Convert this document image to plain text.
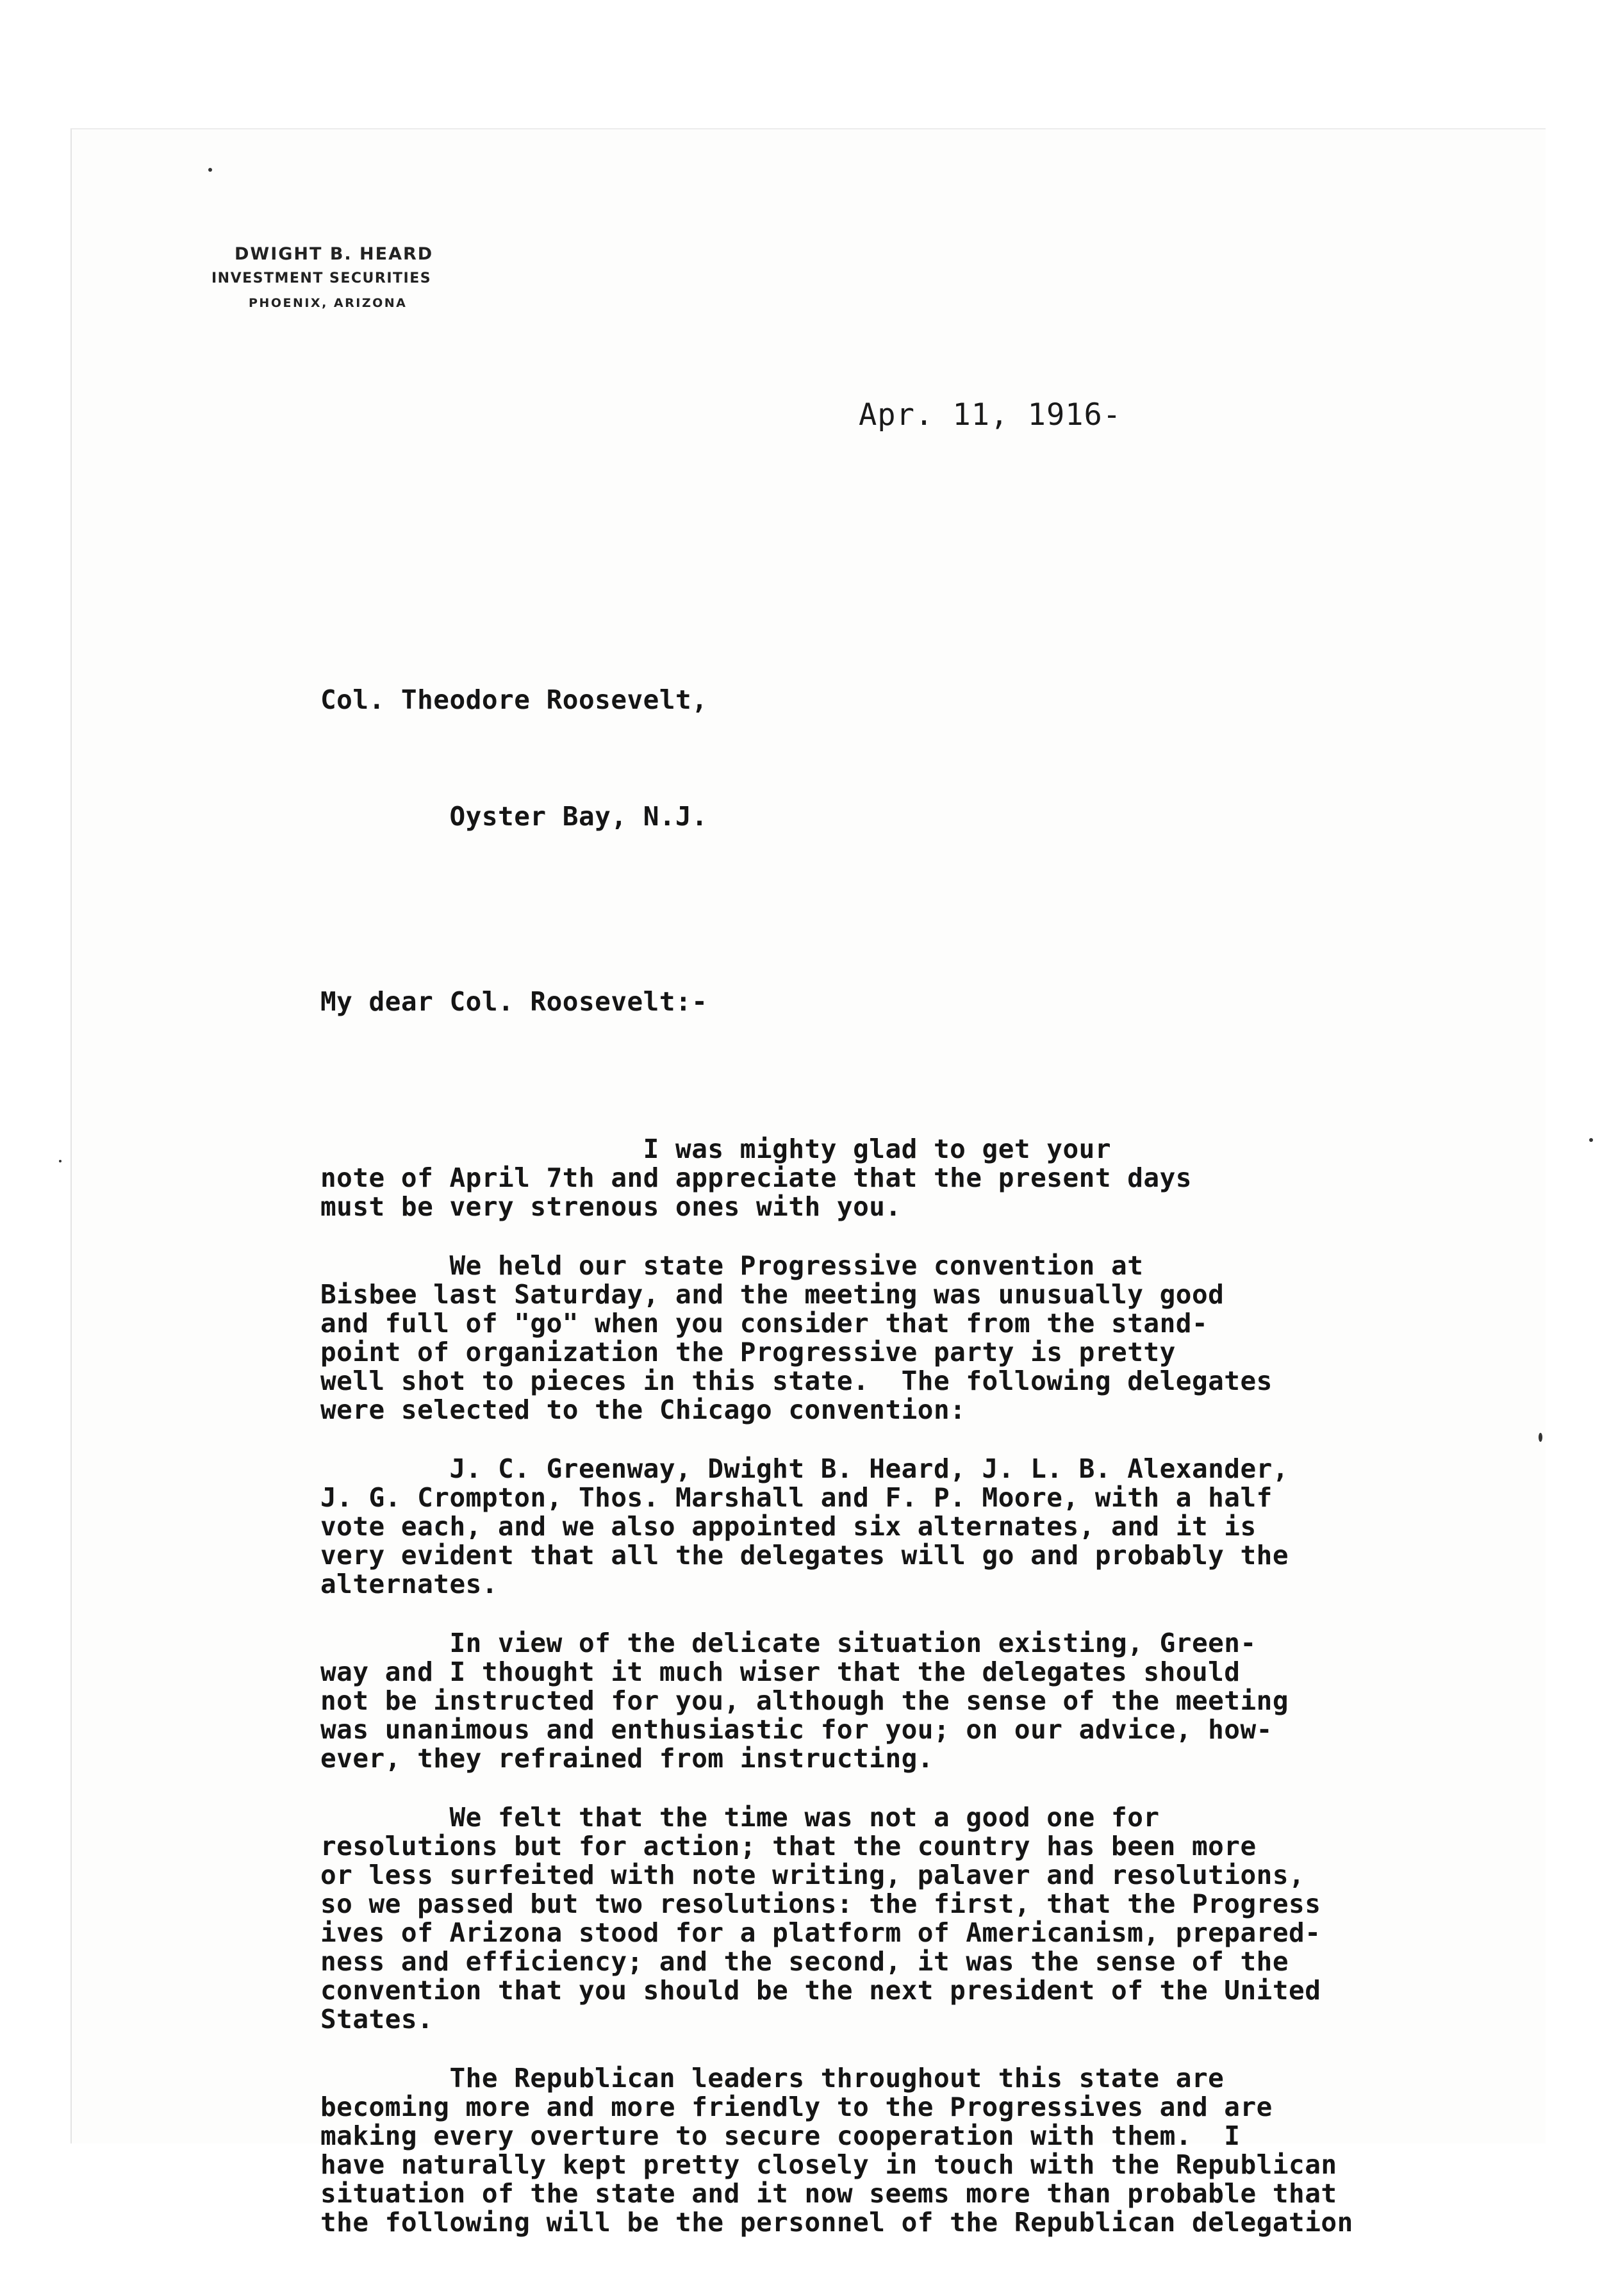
DWIGHT B. HEARD
INVESTMENT SECURITIES
PHOENIX, ARIZONA
Apr. 11, 1916-

Col. Theodore Roosevelt,

Oyster Bay, N.J.

My dear Col. Roosevelt:-

I was mighty glad to get your
note of April 7th and appreciate that the present days
must be very strenous ones with you.
We held our state Progressive convention at
Bisbee last Saturday, and the meeting was unusually good
and full of "go" when you consider that from the stand-
point of organization the Progressive party is pretty
well shot to pieces in this state.  The following delegates
were selected to the Chicago convention:
J. C. Greenway, Dwight B. Heard, J. L. B. Alexander,
J. G. Crompton, Thos. Marshall and F. P. Moore, with a half
vote each, and we also appointed six alternates, and it is
very evident that all the delegates will go and probably the
alternates.
In view of the delicate situation existing, Green-
way and I thought it much wiser that the delegates should
not be instructed for you, although the sense of the meeting
was unanimous and enthusiastic for you; on our advice, how-
ever, they refrained from instructing.
We felt that the time was not a good one for
resolutions but for action; that the country has been more
or less surfeited with note writing, palaver and resolutions,
so we passed but two resolutions: the first, that the Progress
ives of Arizona stood for a platform of Americanism, prepared-
ness and efficiency; and the second, it was the sense of the
convention that you should be the next president of the United
States.
The Republican leaders throughout this state are
becoming more and more friendly to the Progressives and are
making every overture to secure cooperation with them.  I
have naturally kept pretty closely in touch with the Republican
situation of the state and it now seems more than probable that
the following will be the personnel of the Republican delegation
